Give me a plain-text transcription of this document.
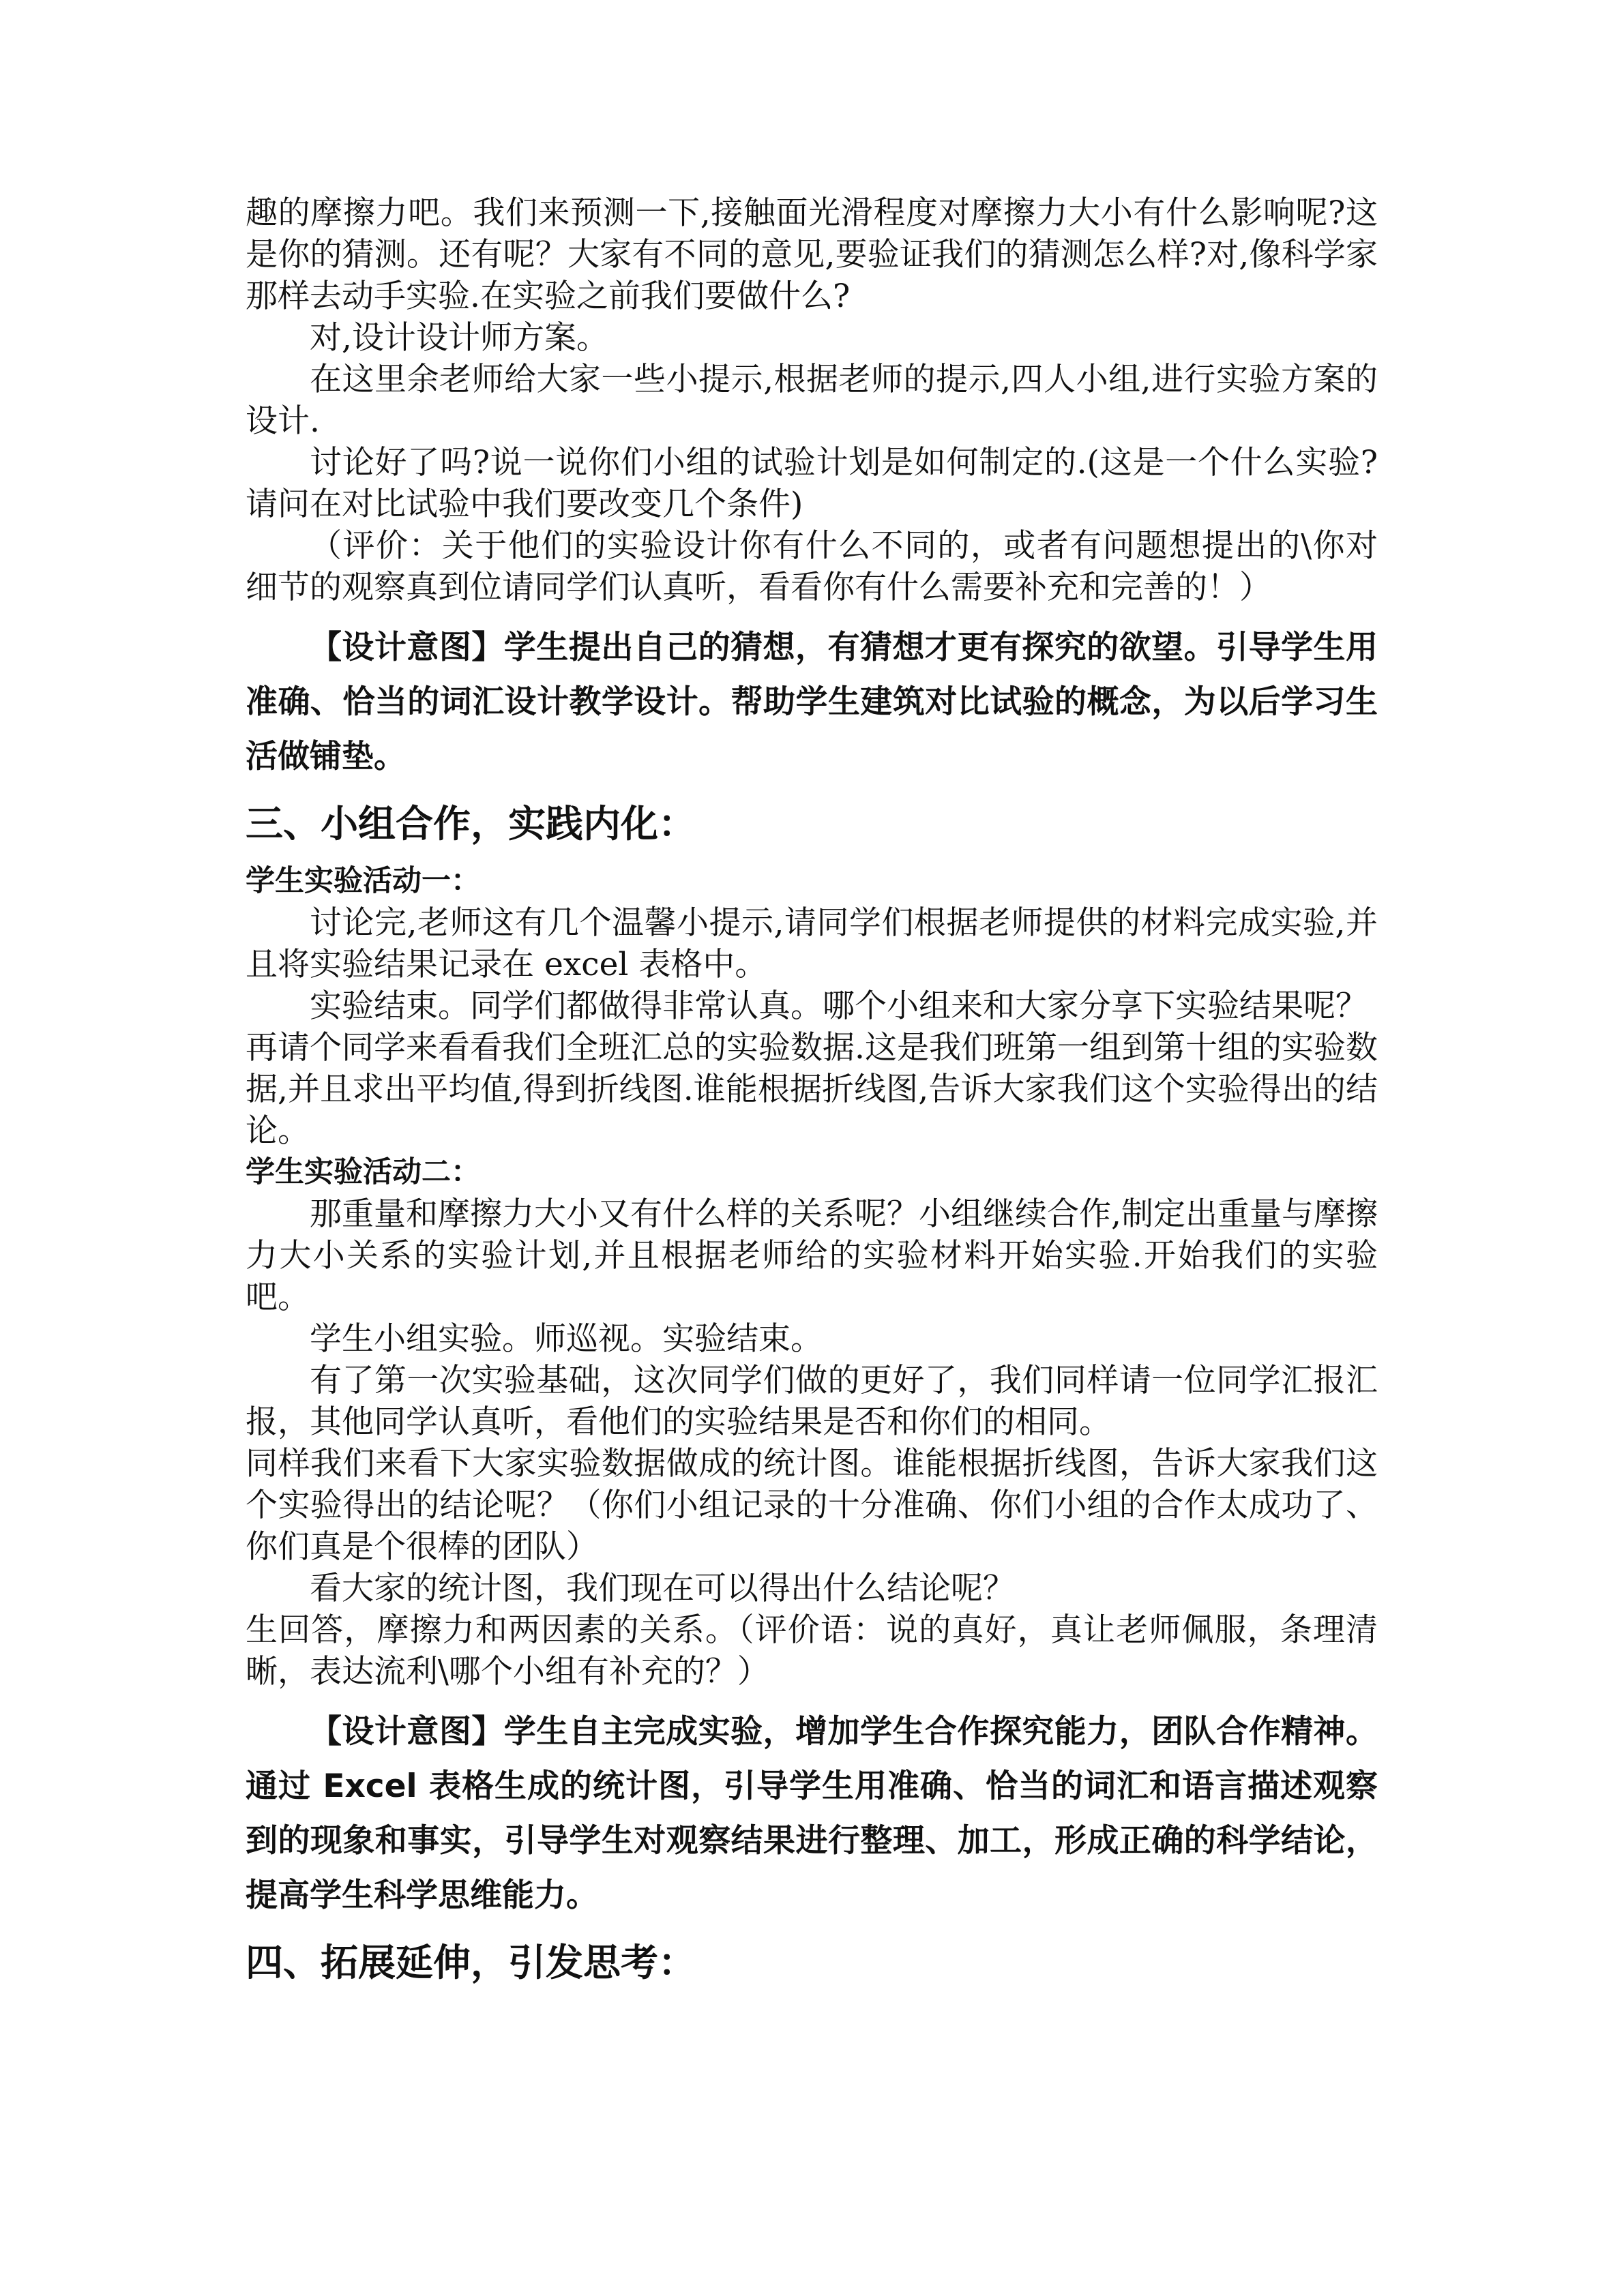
趣的摩擦力吧。我们来预测一下,接触面光滑程度对摩擦力大小有什么影响呢?这是你的猜测。还有呢？大家有不同的意见,要验证我们的猜测怎么样?对,像科学家那样去动手实验.在实验之前我们要做什么?

对,设计设计师方案。

在这里余老师给大家一些小提示,根据老师的提示,四人小组,进行实验方案的设计.

讨论好了吗?说一说你们小组的试验计划是如何制定的.(这是一个什么实验?请问在对比试验中我们要改变几个条件)

（评价：关于他们的实验设计你有什么不同的，或者有问题想提出的\你对细节的观察真到位请同学们认真听，看看你有什么需要补充和完善的！）

【设计意图】学生提出自己的猜想，有猜想才更有探究的欲望。引导学生用准确、恰当的词汇设计教学设计。帮助学生建筑对比试验的概念，为以后学习生活做铺垫。

三、小组合作，实践内化：
学生实验活动一：

讨论完,老师这有几个温馨小提示,请同学们根据老师提供的材料完成实验,并且将实验结果记录在 excel 表格中。

实验结束。同学们都做得非常认真。哪个小组来和大家分享下实验结果呢？

再请个同学来看看我们全班汇总的实验数据.这是我们班第一组到第十组的实验数据,并且求出平均值,得到折线图.谁能根据折线图,告诉大家我们这个实验得出的结论。

学生实验活动二：

那重量和摩擦力大小又有什么样的关系呢？小组继续合作,制定出重量与摩擦力大小关系的实验计划,并且根据老师给的实验材料开始实验.开始我们的实验吧。

学生小组实验。师巡视。实验结束。

有了第一次实验基础，这次同学们做的更好了，我们同样请一位同学汇报汇报，其他同学认真听，看他们的实验结果是否和你们的相同。

同样我们来看下大家实验数据做成的统计图。谁能根据折线图，告诉大家我们这个实验得出的结论呢？（你们小组记录的十分准确、你们小组的合作太成功了、你们真是个很棒的团队）

看大家的统计图，我们现在可以得出什么结论呢？

生回答，摩擦力和两因素的关系。（评价语：说的真好，真让老师佩服，条理清晰，表达流利\哪个小组有补充的？）

【设计意图】学生自主完成实验，增加学生合作探究能力，团队合作精神。通过 Excel 表格生成的统计图，引导学生用准确、恰当的词汇和语言描述观察到的现象和事实，引导学生对观察结果进行整理、加工，形成正确的科学结论，提高学生科学思维能力。

四、拓展延伸，引发思考：
